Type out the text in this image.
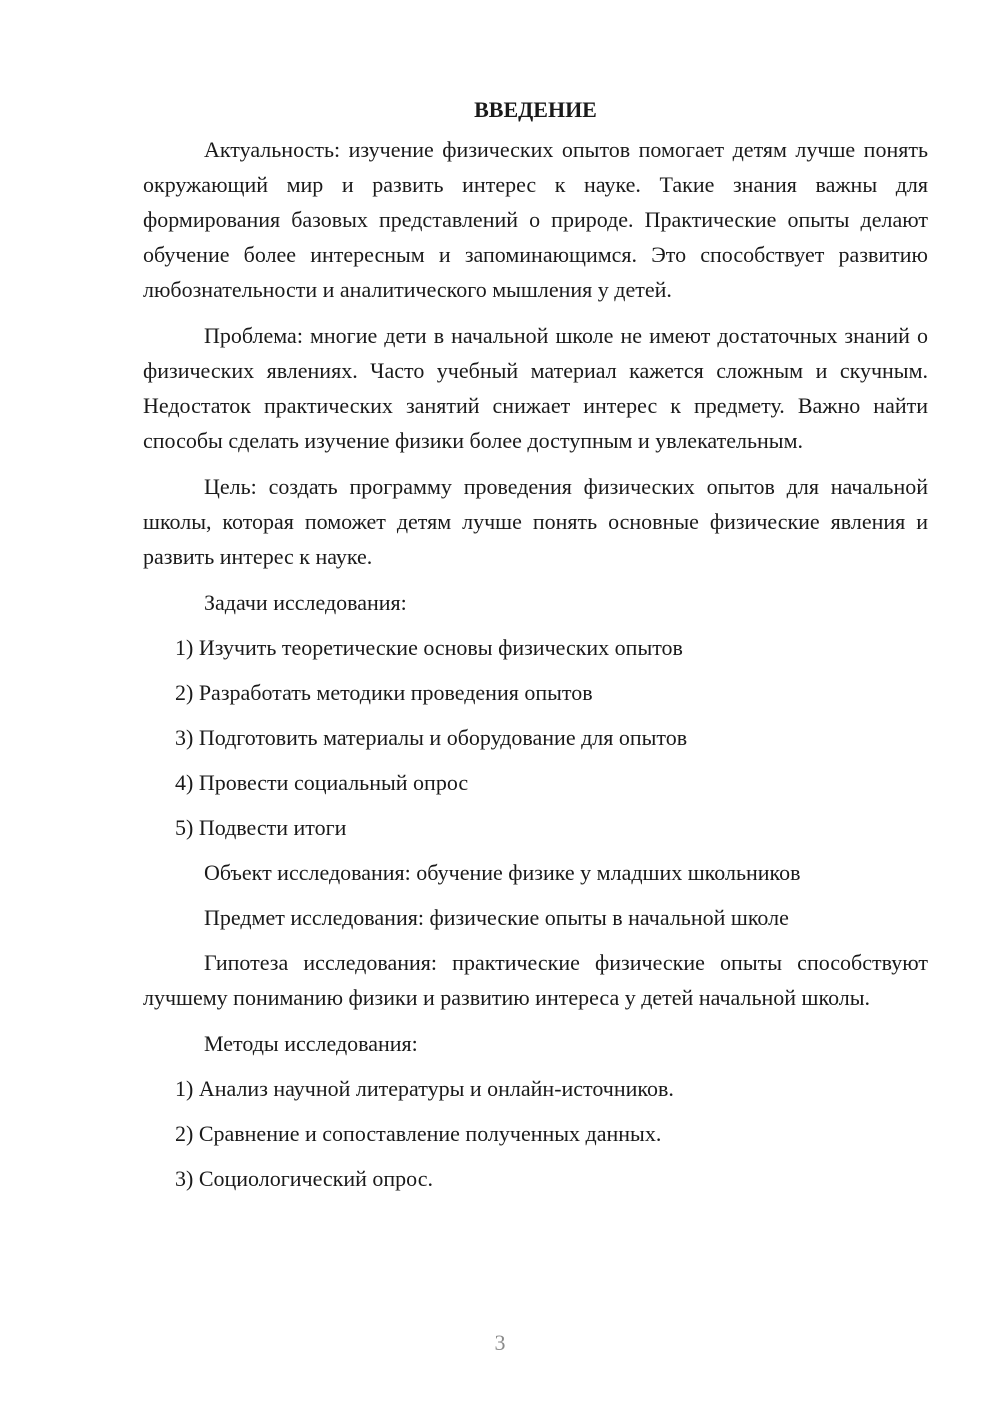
ВВЕДЕНИЕ

Актуальность: изучение физических опытов помогает детям лучше понять окружающий мир и развить интерес к науке. Такие знания важны для формирования базовых представлений о природе. Практические опыты делают обучение более интересным и запоминающимся. Это способствует развитию любознательности и аналитического мышления у детей.

Проблема: многие дети в начальной школе не имеют достаточных знаний о физических явлениях. Часто учебный материал кажется сложным и скучным. Недостаток практических занятий снижает интерес к предмету. Важно найти способы сделать изучение физики более доступным и увлекательным.

Цель: создать программу проведения физических опытов для начальной школы, которая поможет детям лучше понять основные физические явления и развить интерес к науке.

Задачи исследования:
1) Изучить теоретические основы физических опытов
2) Разработать методики проведения опытов
3) Подготовить материалы и оборудование для опытов
4) Провести социальный опрос
5) Подвести итоги
Объект исследования: обучение физике у младших школьников
Предмет исследования: физические опыты в начальной школе

Гипотеза исследования: практические физические опыты способствуют лучшему пониманию физики и развитию интереса у детей начальной школы.

Методы исследования:
1) Анализ научной литературы и онлайн-источников.
2) Сравнение и сопоставление полученных данных.
3) Социологический опрос.
3
